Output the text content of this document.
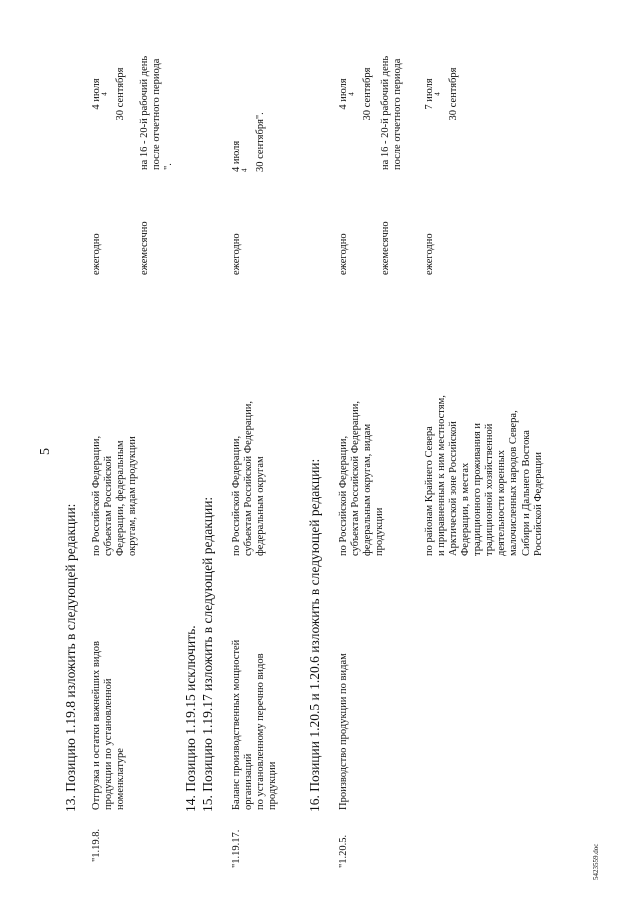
5
13. Позицию 1.19.8 изложить в следующей редакции:
"1.19.8.
Отгрузка и остатки важнейших видов продукции по установленной номенклатуре
по Российской Федерации, субъектам Российской Федерации, федеральным округам, видам продукции
ежегодно
4 июля
$^4$ 30 сентября
ежемесячно
на 16 - 20-й рабочий день после отчетного периода ".
14. Позицию 1.19.15 исключить. 15. Позицию 1.19.17 изложить в следующей редакции:
"1.19.17.
Баланс производственных мощностей организаций по установленному перечню видов продукции
по Российской Федерации, субъектам Российской Федерации, федеральным округам
ежегодно
4 июля
$^4$ 30 сентября".
16. Позиции 1.20.5 и 1.20.6 изложить в следующей редакции:
"1.20.5.
Производство продукции по видам
по Российской Федерации, субъектам Российской Федерации, федеральным округам, видам продукции
ежегодно
4 июля
$^4$ 30 сентября
ежемесячно
на 16 - 20-й рабочий день после отчетного периода
по районам Крайнего Севера и приравненным к ним местностям, Арктической зоне Российской Федерации, в местах традиционного проживания и традиционной хозяйственной деятельности коренных малочисленных народов Севера, Сибири и Дальнего Востока Российской Федерации
ежегодно
7 июля
$^4$ 30 сентября
5423559.doc
